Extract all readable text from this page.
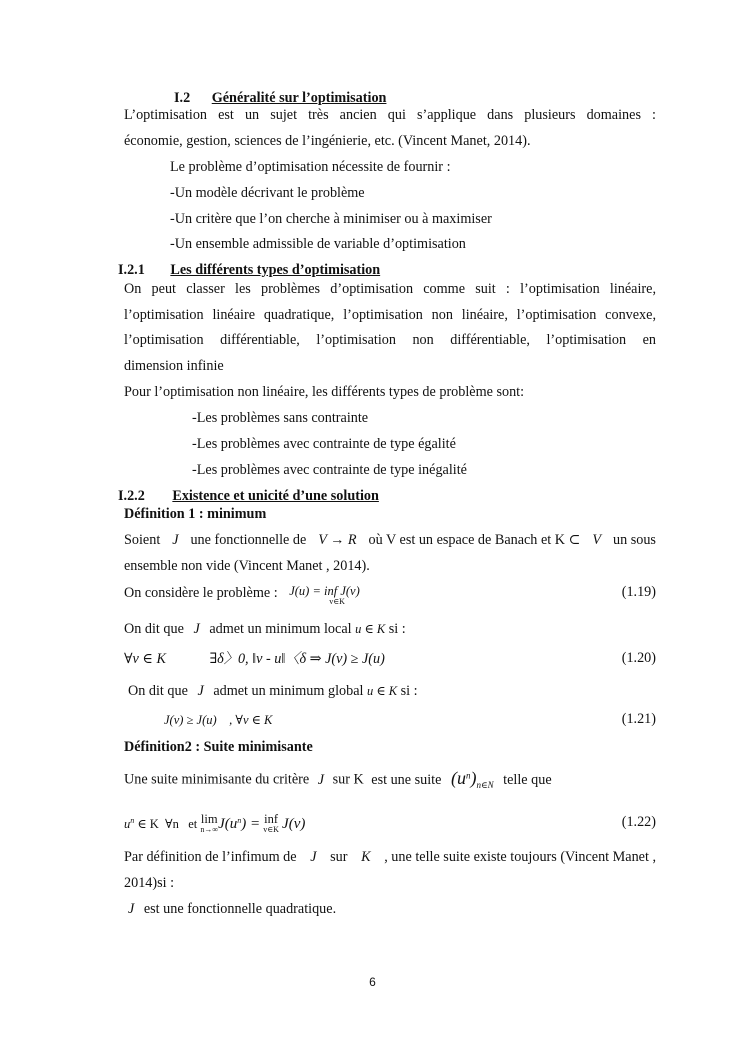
I.2 Généralité sur l’optimisation
L’optimisation est un sujet très ancien qui s’applique dans plusieurs domaines :
économie, gestion, sciences de l’ingénierie, etc. (Vincent Manet, 2014).
Le problème d’optimisation nécessite de fournir :
-Un modèle décrivant le problème
-Un critère que l’on cherche à minimiser ou à maximiser
-Un ensemble admissible de variable d’optimisation
I.2.1 Les différents types d’optimisation
On peut classer les problèmes d’optimisation comme suit : l’optimisation linéaire,
l’optimisation linéaire quadratique, l’optimisation non linéaire, l’optimisation convexe,
l’optimisation différentiable, l’optimisation non différentiable, l’optimisation en
dimension infinie
Pour l’optimisation non linéaire, les différents types de problème sont:
-Les problèmes sans contrainte
-Les problèmes avec contrainte de type égalité
-Les problèmes avec contrainte de type inégalité
I.2.2 Existence et unicité d’une solution
Définition 1 : minimum
Soient J une fonctionnelle de V → R où V est un espace de Banach et K ⊂ V un sous
ensemble non vide (Vincent Manet , 2014).
On considère le problème : J(u) = inf J(v)
v∈K
(1.19)
On dit que J admet un minimum local u ∈ K si :
∀v ∈ K	∃δ〉0, ‖v - u‖〈δ ⇒ J(v) ≥ J(u)	(1.20)
On dit que J admet un minimum global u ∈ K si :
J(v) ≥ J(u)    , ∀v ∈ K	(1.21)
Définition2 : Suite minimisante
Une suite minimisante du critère J sur K est une suite $(u^n)_{n\in N}$ telle que
$u^n$ ∈ K  ∀n   et lim
n→∞ $J(u^n)$ = inf
v∈K J(v)	(1.22)
Par définition de l’infimum de J sur K , une telle suite existe toujours (Vincent Manet ,
2014)si :
J est une fonctionnelle quadratique.
6
